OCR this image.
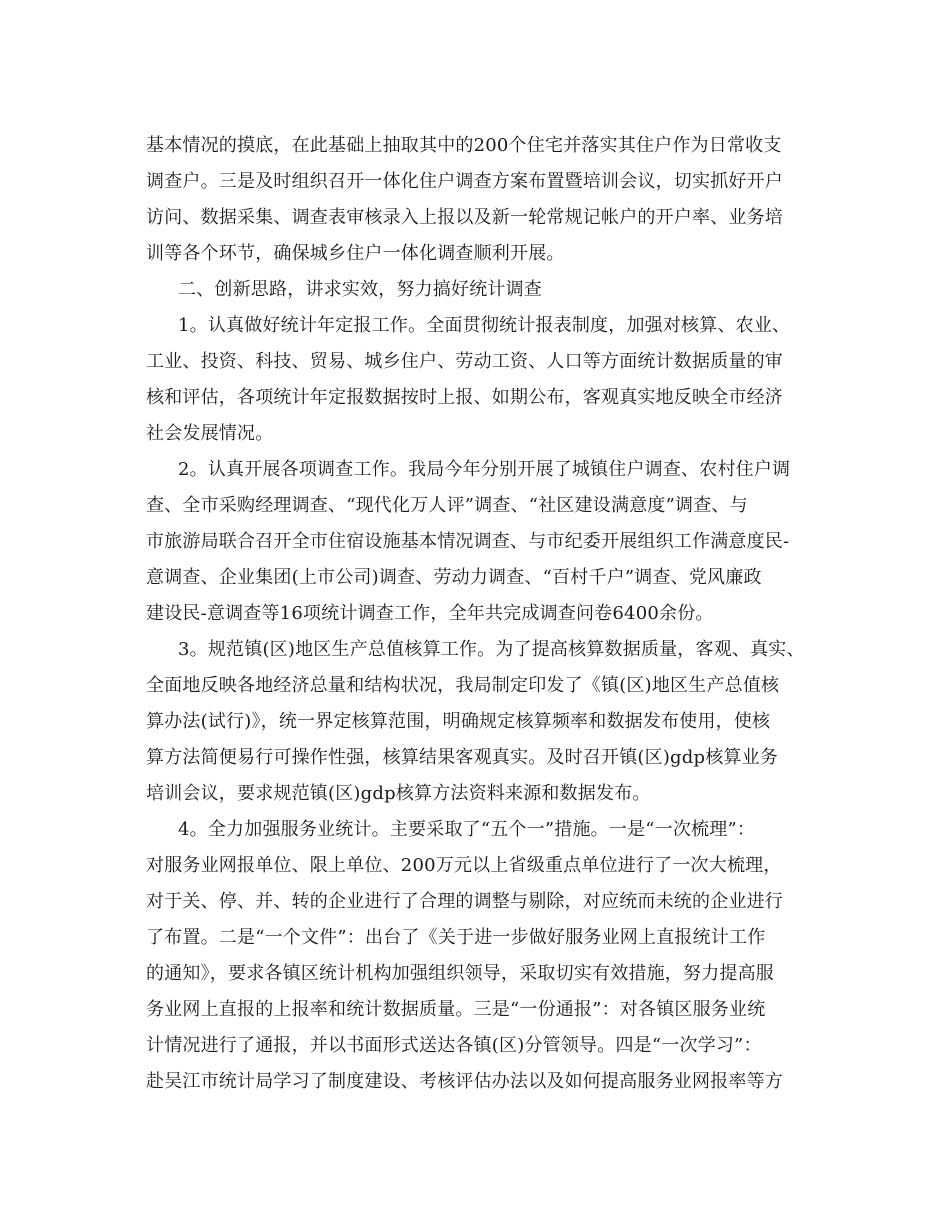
基本情况的摸底，在此基础上抽取其中的200个住宅并落实其住户作为日常收支
调查户。三是及时组织召开一体化住户调查方案布置暨培训会议，切实抓好开户
访问、数据采集、调查表审核录入上报以及新一轮常规记帐户的开户率、业务培
训等各个环节，确保城乡住户一体化调查顺利开展。
二、创新思路，讲求实效，努力搞好统计调查
1。认真做好统计年定报工作。全面贯彻统计报表制度，加强对核算、农业、
工业、投资、科技、贸易、城乡住户、劳动工资、人口等方面统计数据质量的审
核和评估，各项统计年定报数据按时上报、如期公布，客观真实地反映全市经济
社会发展情况。
2。认真开展各项调查工作。我局今年分别开展了城镇住户调查、农村住户调
查、全市采购经理调查、“现代化万人评”调查、“社区建设满意度”调查、与
市旅游局联合召开全市住宿设施基本情况调查、与市纪委开展组织工作满意度民-
意调查、企业集团(上市公司)调查、劳动力调查、“百村千户”调查、党风廉政
建设民-意调查等16项统计调查工作，全年共完成调查问卷6400余份。
3。规范镇(区)地区生产总值核算工作。为了提高核算数据质量，客观、真实、
全面地反映各地经济总量和结构状况，我局制定印发了《镇(区)地区生产总值核
算办法(试行)》，统一界定核算范围，明确规定核算频率和数据发布使用，使核
算方法简便易行可操作性强，核算结果客观真实。及时召开镇(区)gdp核算业务
培训会议，要求规范镇(区)gdp核算方法资料来源和数据发布。
4。全力加强服务业统计。主要采取了“五个一”措施。一是“一次梳理”：
对服务业网报单位、限上单位、200万元以上省级重点单位进行了一次大梳理，
对于关、停、并、转的企业进行了合理的调整与剔除，对应统而未统的企业进行
了布置。二是“一个文件”：出台了《关于进一步做好服务业网上直报统计工作
的通知》，要求各镇区统计机构加强组织领导，采取切实有效措施，努力提高服
务业网上直报的上报率和统计数据质量。三是“一份通报”：对各镇区服务业统
计情况进行了通报，并以书面形式送达各镇(区)分管领导。四是“一次学习”：
赴吴江市统计局学习了制度建设、考核评估办法以及如何提高服务业网报率等方
